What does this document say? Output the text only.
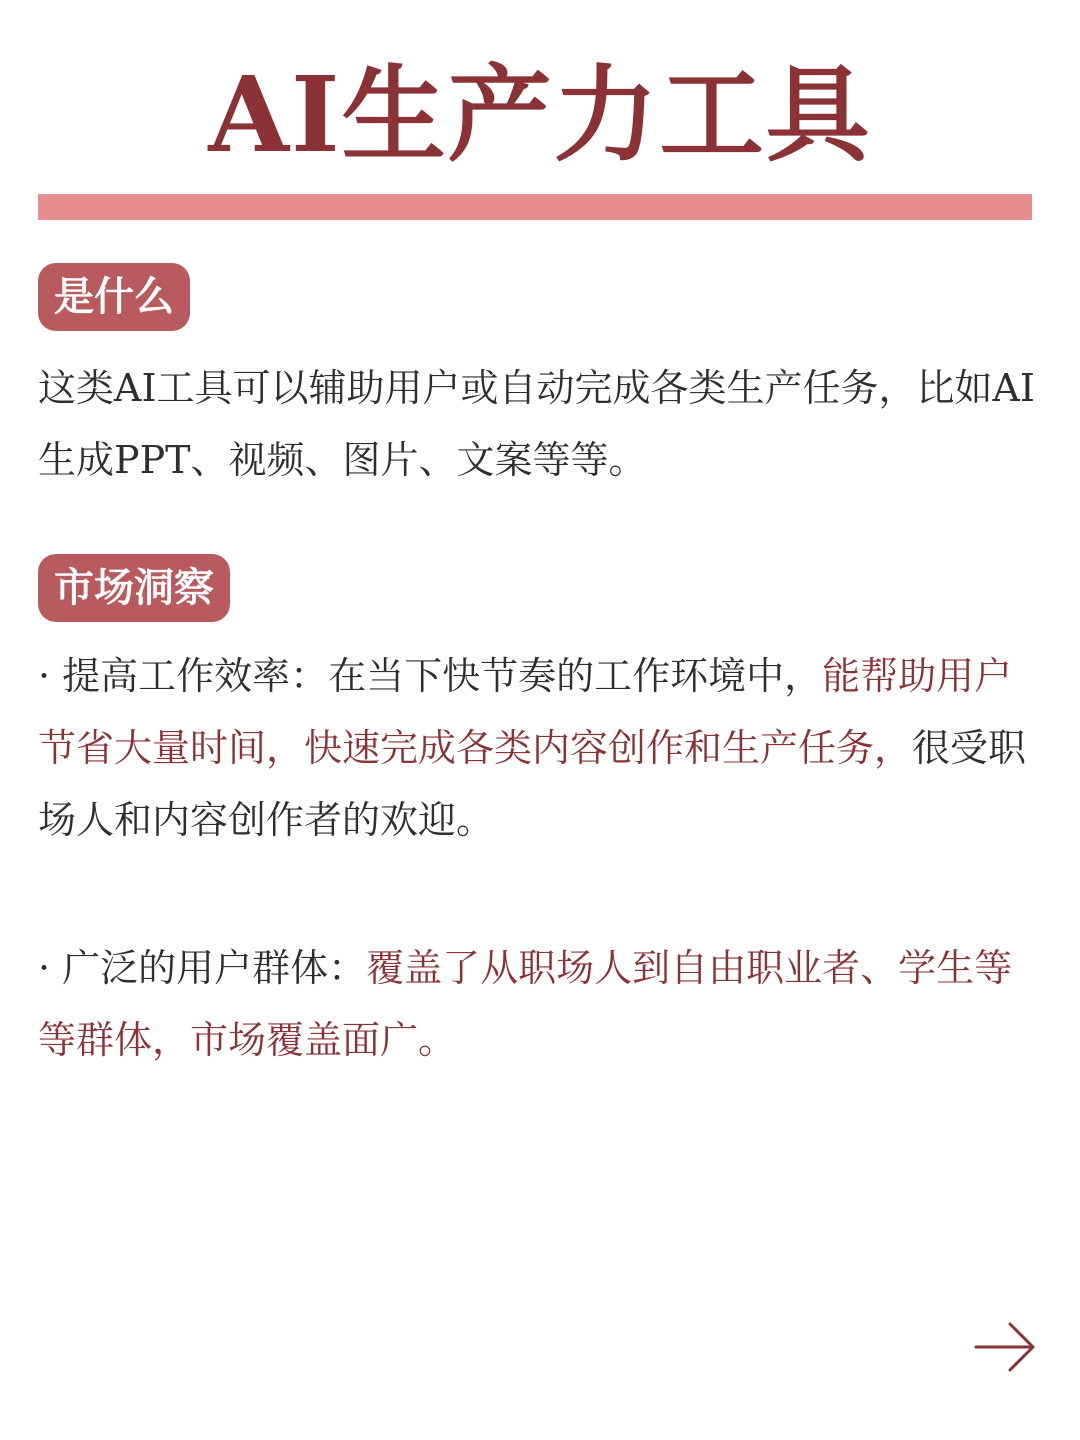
AI生产力工具
是什么
这类AI工具可以辅助用户或自动完成各类生产任务，比如AI生成PPT、视频、图片、文案等等。
市场洞察
· 提高工作效率：在当下快节奏的工作环境中，能帮助用户节省大量时间，快速完成各类内容创作和生产任务，很受职场人和内容创作者的欢迎。
· 广泛的用户群体：覆盖了从职场人到自由职业者、学生等等群体，市场覆盖面广。
